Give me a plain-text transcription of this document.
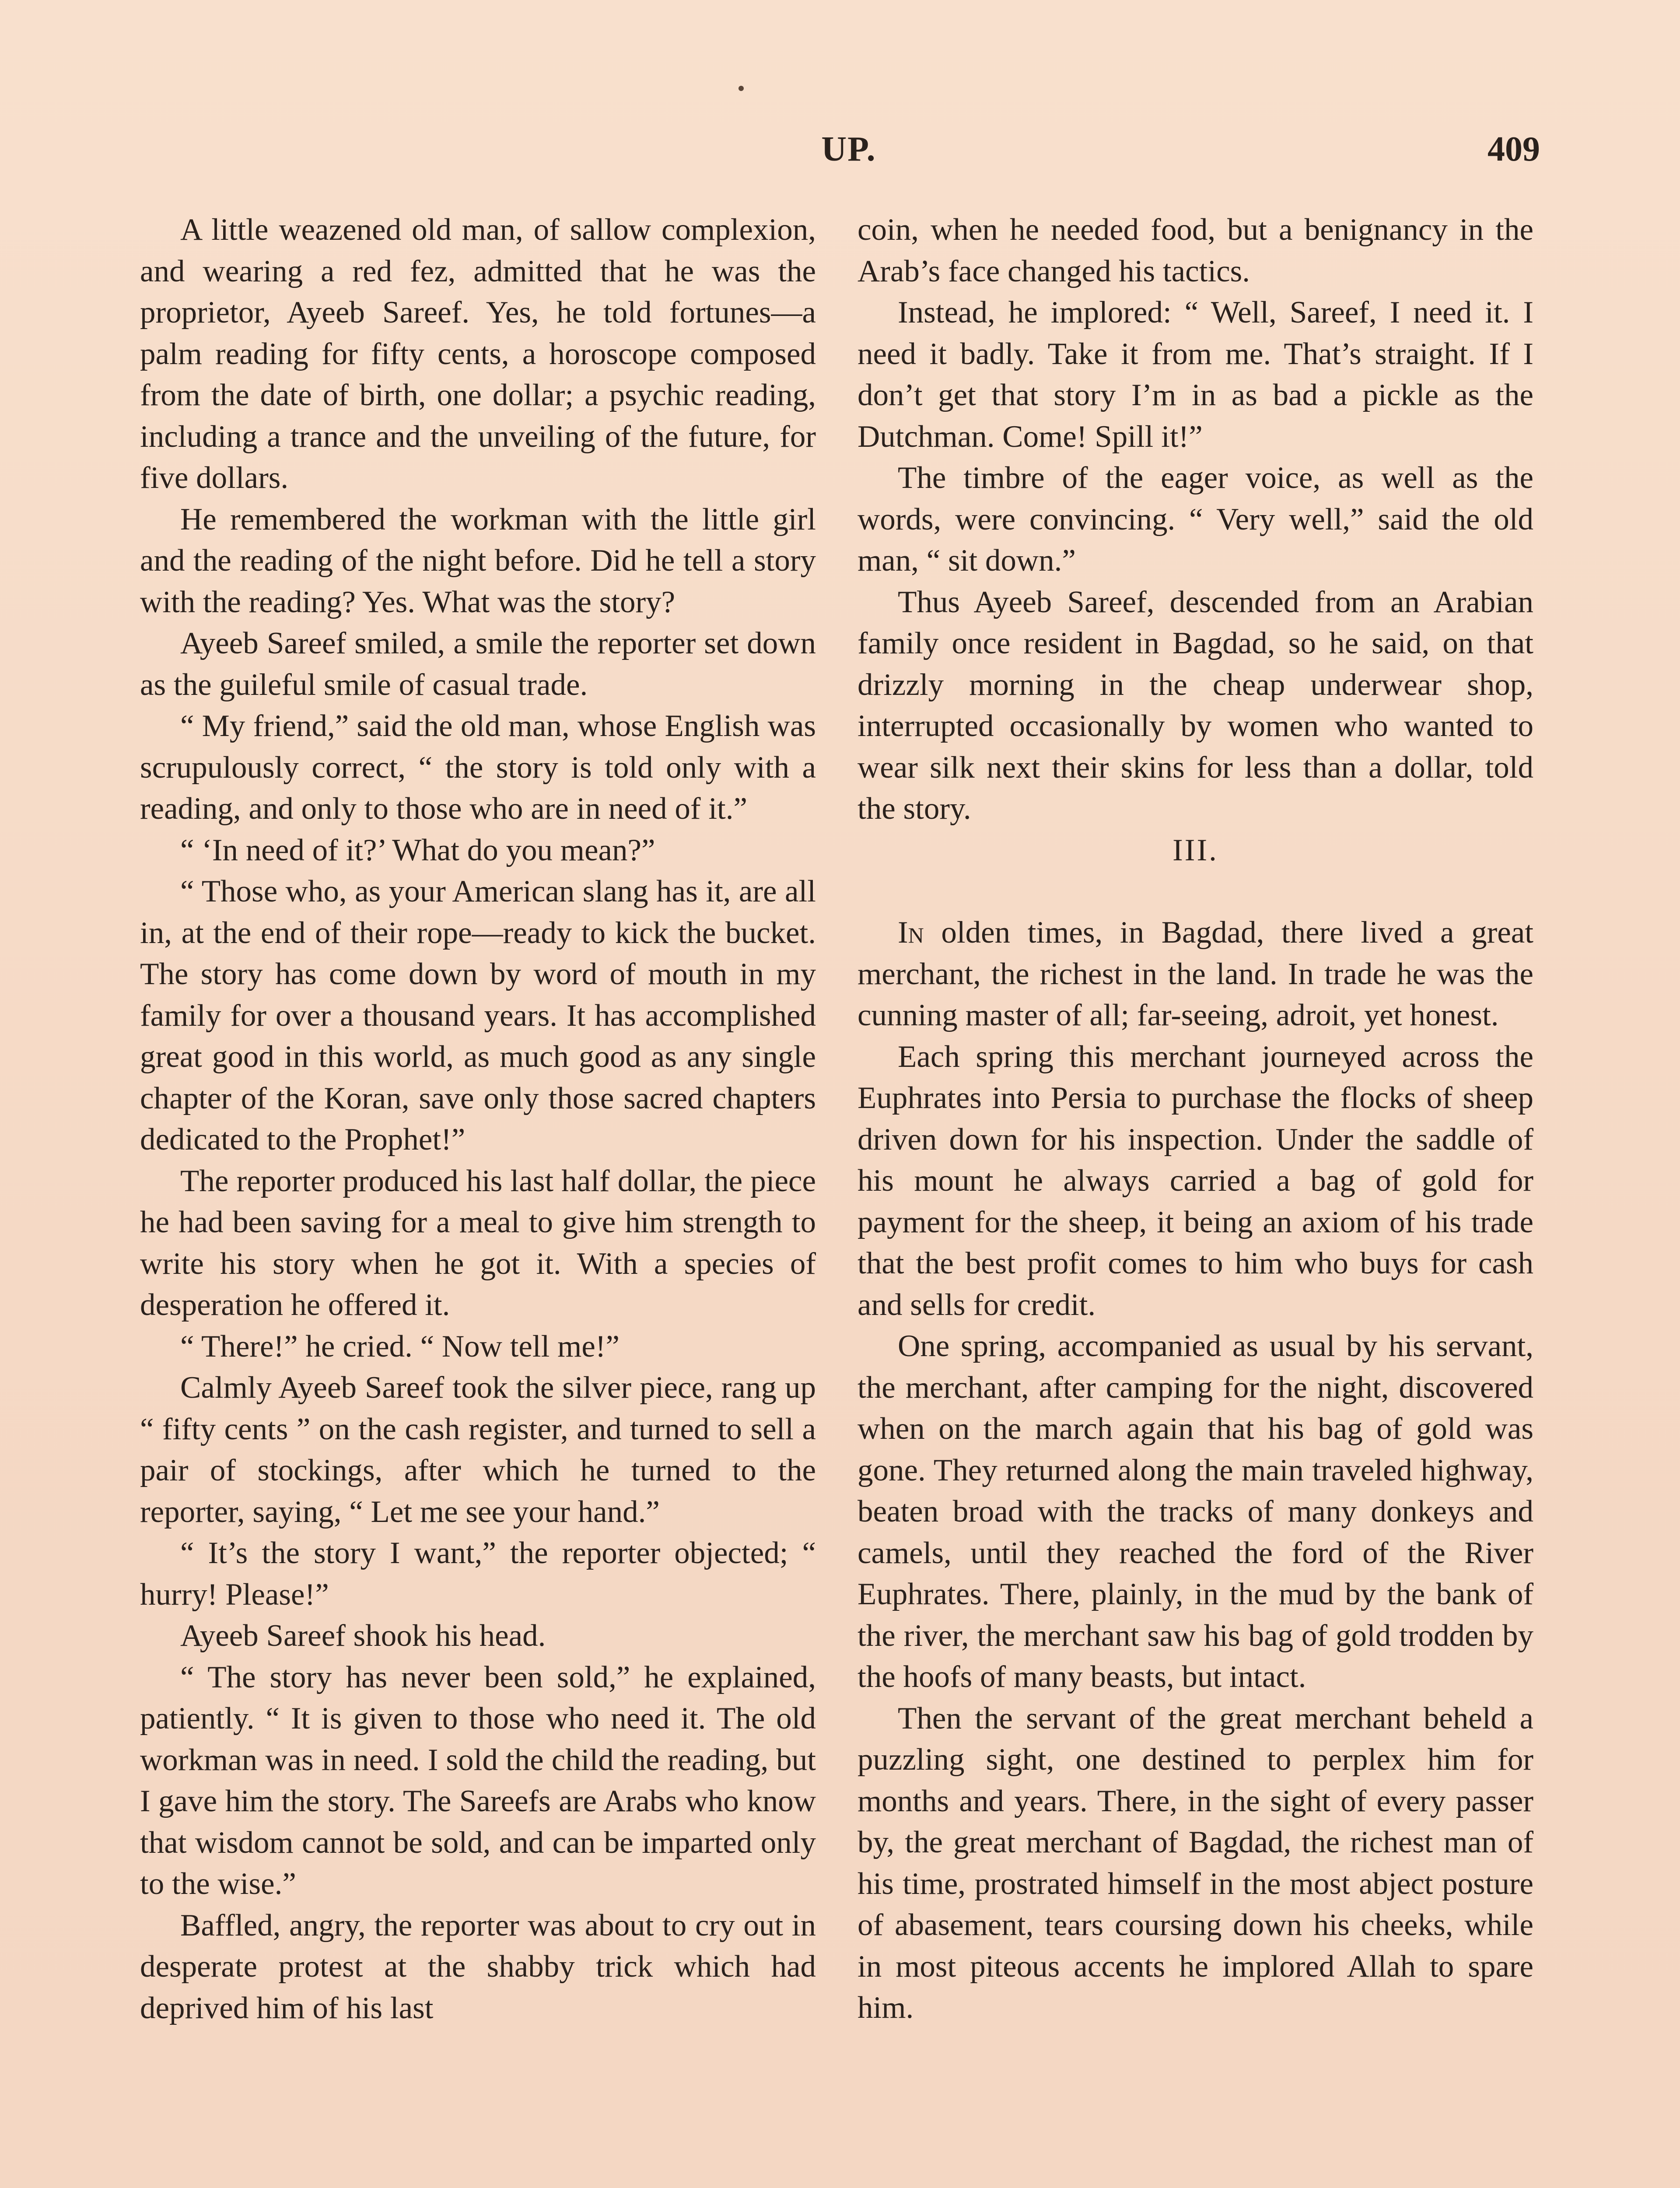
UP.	409

A little weazened old man, of sallow complexion, and wearing a red fez, admitted that he was the proprietor, Ayeeb Sareef. Yes, he told fortunes—a palm reading for fifty cents, a horoscope composed from the date of birth, one dollar; a psychic reading, including a trance and the unveiling of the future, for five dollars.

He remembered the workman with the little girl and the reading of the night before. Did he tell a story with the reading? Yes. What was the story?

Ayeeb Sareef smiled, a smile the reporter set down as the guileful smile of casual trade.

“ My friend,” said the old man, whose English was scrupulously correct, “ the story is told only with a reading, and only to those who are in need of it.”

“ ‘In need of it?’ What do you mean?”

“ Those who, as your American slang has it, are all in, at the end of their rope—ready to kick the bucket. The story has come down by word of mouth in my family for over a thousand years. It has accomplished great good in this world, as much good as any single chapter of the Koran, save only those sacred chapters dedicated to the Prophet!”

The reporter produced his last half dollar, the piece he had been saving for a meal to give him strength to write his story when he got it. With a species of desperation he offered it.

“ There!” he cried. “ Now tell me!”

Calmly Ayeeb Sareef took the silver piece, rang up “ fifty cents ” on the cash register, and turned to sell a pair of stockings, after which he turned to the reporter, saying, “ Let me see your hand.”

“ It’s the story I want,” the reporter objected; “ hurry! Please!”

Ayeeb Sareef shook his head.

“ The story has never been sold,” he explained, patiently. “ It is given to those who need it. The old workman was in need. I sold the child the reading, but I gave him the story. The Sareefs are Arabs who know that wisdom cannot be sold, and can be imparted only to the wise.”

Baffled, angry, the reporter was about to cry out in desperate protest at the shabby trick which had deprived him of his last

coin, when he needed food, but a benignancy in the Arab’s face changed his tactics.

Instead, he implored: “ Well, Sareef, I need it. I need it badly. Take it from me. That’s straight. If I don’t get that story I’m in as bad a pickle as the Dutchman. Come! Spill it!”

The timbre of the eager voice, as well as the words, were convincing. “ Very well,” said the old man, “ sit down.”

Thus Ayeeb Sareef, descended from an Arabian family once resident in Bagdad, so he said, on that drizzly morning in the cheap underwear shop, interrupted occasionally by women who wanted to wear silk next their skins for less than a dollar, told the story.

III.

In olden times, in Bagdad, there lived a great merchant, the richest in the land. In trade he was the cunning master of all; far-seeing, adroit, yet honest.

Each spring this merchant journeyed across the Euphrates into Persia to purchase the flocks of sheep driven down for his inspection. Under the saddle of his mount he always carried a bag of gold for payment for the sheep, it being an axiom of his trade that the best profit comes to him who buys for cash and sells for credit.

One spring, accompanied as usual by his servant, the merchant, after camping for the night, discovered when on the march again that his bag of gold was gone. They returned along the main traveled highway, beaten broad with the tracks of many donkeys and camels, until they reached the ford of the River Euphrates. There, plainly, in the mud by the bank of the river, the merchant saw his bag of gold trodden by the hoofs of many beasts, but intact.

Then the servant of the great merchant beheld a puzzling sight, one destined to perplex him for months and years. There, in the sight of every passer by, the great merchant of Bagdad, the richest man of his time, prostrated himself in the most abject posture of abasement, tears coursing down his cheeks, while in most piteous accents he implored Allah to spare him.
